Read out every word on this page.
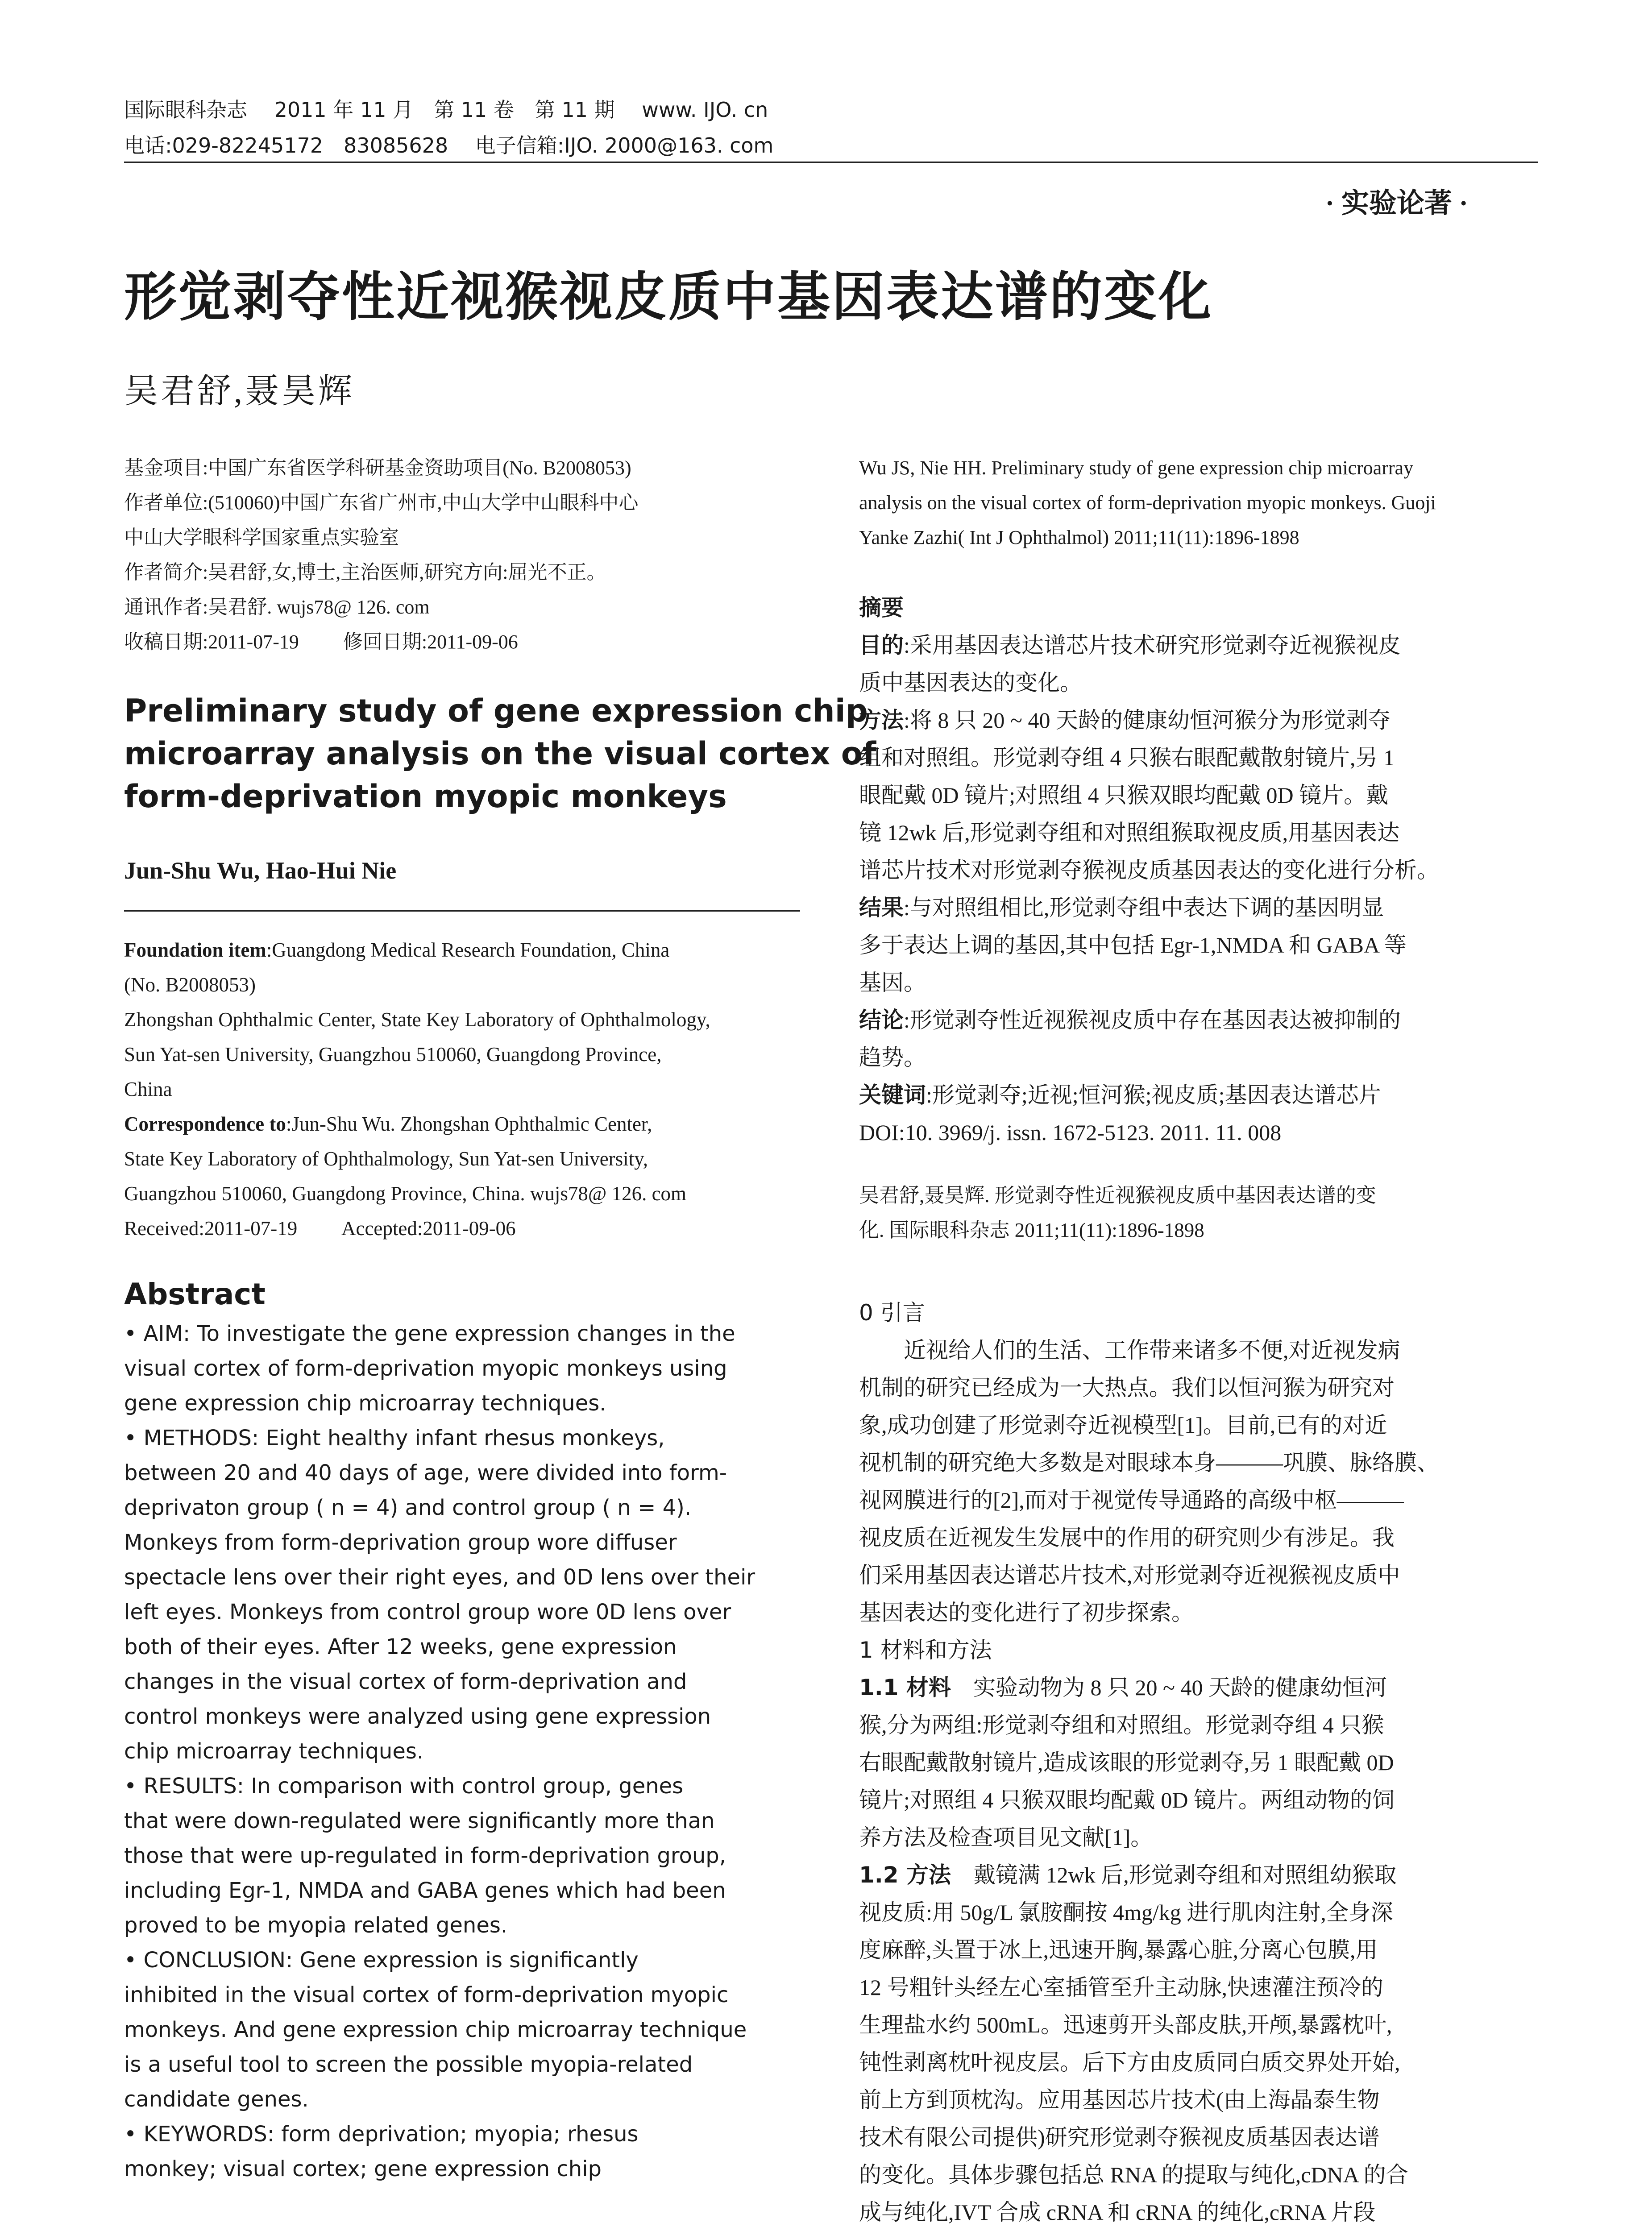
国际眼科杂志　 2011 年 11 月　第 11 卷　第 11 期　 www. IJO. cn
电话:029-82245172　83085628　 电子信箱:IJO. 2000@163. com
· 实验论著 ·
形觉剥夺性近视猴视皮质中基因表达谱的变化
吴君舒,聂昊辉
基金项目:中国广东省医学科研基金资助项目(No. B2008053)
作者单位:(510060)中国广东省广州市,中山大学中山眼科中心
中山大学眼科学国家重点实验室
作者简介:吴君舒,女,博士,主治医师,研究方向:屈光不正。
通讯作者:吴君舒. wujs78@ 126. com
收稿日期:2011-07-19　　 修回日期:2011-09-06
Preliminary study of gene expression chip
microarray analysis on the visual cortex of
form-deprivation myopic monkeys
Jun-Shu Wu, Hao-Hui Nie
Foundation item:Guangdong Medical Research Foundation, China
(No. B2008053)
Zhongshan Ophthalmic Center, State Key Laboratory of Ophthalmology,
Sun Yat-sen University, Guangzhou 510060, Guangdong Province,
China
Correspondence to:Jun-Shu Wu. Zhongshan Ophthalmic Center,
State Key Laboratory of Ophthalmology, Sun Yat-sen University,
Guangzhou 510060, Guangdong Province, China. wujs78@ 126. com
Received:2011-07-19　　 Accepted:2011-09-06
Abstract
• AIM: To investigate the gene expression changes in the
visual cortex of form-deprivation myopic monkeys using
gene expression chip microarray techniques.
• METHODS: Eight healthy infant rhesus monkeys,
between 20 and 40 days of age, were divided into form-
deprivaton group ( n = 4) and control group ( n = 4).
Monkeys from form-deprivation group wore diffuser
spectacle lens over their right eyes, and 0D lens over their
left eyes. Monkeys from control group wore 0D lens over
both of their eyes. After 12 weeks, gene expression
changes in the visual cortex of form-deprivation and
control monkeys were analyzed using gene expression
chip microarray techniques.
• RESULTS: In comparison with control group, genes
that were down-regulated were significantly more than
those that were up-regulated in form-deprivation group,
including Egr-1, NMDA and GABA genes which had been
proved to be myopia related genes.
• CONCLUSION: Gene expression is significantly
inhibited in the visual cortex of form-deprivation myopic
monkeys. And gene expression chip microarray technique
is a useful tool to screen the possible myopia-related
candidate genes.
• KEYWORDS: form deprivation; myopia; rhesus
monkey; visual cortex; gene expression chip
Wu JS, Nie HH. Preliminary study of gene expression chip microarray
analysis on the visual cortex of form-deprivation myopic monkeys. Guoji
Yanke Zazhi( Int J Ophthalmol) 2011;11(11):1896-1898
摘要
目的:采用基因表达谱芯片技术研究形觉剥夺近视猴视皮
质中基因表达的变化。
方法:将 8 只 20 ~ 40 天龄的健康幼恒河猴分为形觉剥夺
组和对照组。形觉剥夺组 4 只猴右眼配戴散射镜片,另 1
眼配戴 0D 镜片;对照组 4 只猴双眼均配戴 0D 镜片。戴
镜 12wk 后,形觉剥夺组和对照组猴取视皮质,用基因表达
谱芯片技术对形觉剥夺猴视皮质基因表达的变化进行分析。
结果:与对照组相比,形觉剥夺组中表达下调的基因明显
多于表达上调的基因,其中包括 Egr-1,NMDA 和 GABA 等
基因。
结论:形觉剥夺性近视猴视皮质中存在基因表达被抑制的
趋势。
关键词:形觉剥夺;近视;恒河猴;视皮质;基因表达谱芯片
DOI:10. 3969/j. issn. 1672-5123. 2011. 11. 008
吴君舒,聂昊辉. 形觉剥夺性近视猴视皮质中基因表达谱的变
化. 国际眼科杂志 2011;11(11):1896-1898
0 引言
　　近视给人们的生活、工作带来诸多不便,对近视发病
机制的研究已经成为一大热点。我们以恒河猴为研究对
象,成功创建了形觉剥夺近视模型[1]。目前,已有的对近
视机制的研究绝大多数是对眼球本身———巩膜、脉络膜、
视网膜进行的[2],而对于视觉传导通路的高级中枢———
视皮质在近视发生发展中的作用的研究则少有涉足。我
们采用基因表达谱芯片技术,对形觉剥夺近视猴视皮质中
基因表达的变化进行了初步探索。
1 材料和方法
1.1 材料　实验动物为 8 只 20 ~ 40 天龄的健康幼恒河
猴,分为两组:形觉剥夺组和对照组。形觉剥夺组 4 只猴
右眼配戴散射镜片,造成该眼的形觉剥夺,另 1 眼配戴 0D
镜片;对照组 4 只猴双眼均配戴 0D 镜片。两组动物的饲
养方法及检查项目见文献[1]。
1.2 方法　戴镜满 12wk 后,形觉剥夺组和对照组幼猴取
视皮质:用 50g/L 氯胺酮按 4mg/kg 进行肌肉注射,全身深
度麻醉,头置于冰上,迅速开胸,暴露心脏,分离心包膜,用
12 号粗针头经左心室插管至升主动脉,快速灌注预冷的
生理盐水约 500mL。迅速剪开头部皮肤,开颅,暴露枕叶,
钝性剥离枕叶视皮层。后下方由皮质同白质交界处开始,
前上方到顶枕沟。应用基因芯片技术(由上海晶泰生物
技术有限公司提供)研究形觉剥夺猴视皮质基因表达谱
的变化。具体步骤包括总 RNA 的提取与纯化,cDNA 的合
成与纯化,IVT 合成 cRNA 和 cRNA 的纯化,cRNA 片段
